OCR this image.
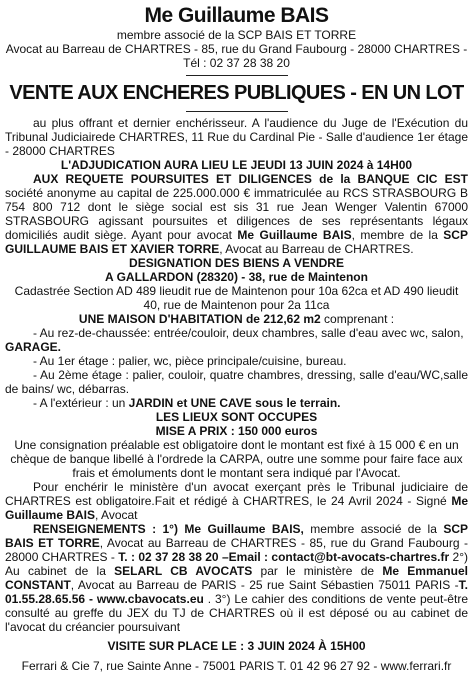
Me Guillaume BAIS
membre associé de la SCP BAIS ET TORRE
Avocat au Barreau de CHARTRES - 85, rue du Grand Faubourg - 28000 CHARTRES -
Tél : 02 37 28 38 20
VENTE AUX ENCHERES PUBLIQUES - EN UN LOT

au plus offrant et dernier enchérisseur. A l'audience du Juge de l'Exécution du Tribunal Judiciairede CHARTRES, 11 Rue du Cardinal Pie - Salle d'audience 1er étage - 28000 CHARTRES

L'ADJUDICATION AURA LIEU LE JEUDI 13 JUIN 2024 à 14H00

AUX REQUETE POURSUITES ET DILIGENCES de la BANQUE CIC EST société anonyme au capital de 225.000.000 € immatriculée au RCS STRASBOURG B 754 800 712 dont le siège social est sis 31 rue Jean Wenger Valentin 67000 STRASBOURG agissant poursuites et diligences de ses représentants légaux domiciliés audit siège. Ayant pour avocat Me Guillaume BAIS, membre de la SCP GUILLAUME BAIS ET XAVIER TORRE, Avocat au Barreau de CHARTRES.

DESIGNATION DES BIENS A VENDRE

A GALLARDON (28320) - 38, rue de Maintenon

Cadastrée Section AD 489 lieudit rue de Maintenon pour 10a 62ca et AD 490 lieudit 40, rue de Maintenon pour 2a 11ca

UNE MAISON D'HABITATION de 212,62 m2 comprenant :

- Au rez-de-chaussée: entrée/couloir, deux chambres, salle d'eau avec wc, salon,

GARAGE.

- Au 1er étage : palier, wc, pièce principale/cuisine, bureau.

- Au 2ème étage : palier, couloir, quatre chambres, dressing, salle d'eau/WC,salle de bains/ wc, débarras.

- A l'extérieur : un JARDIN et UNE CAVE sous le terrain.

LES LIEUX SONT OCCUPES

MISE A PRIX : 150 000 euros

Une consignation préalable est obligatoire dont le montant est fixé à 15 000 € en un chèque de banque libellé à l'ordrede la CARPA, outre une somme pour faire face aux frais et émoluments dont le montant sera indiqué par l'Avocat.

Pour enchérir le ministère d'un avocat exerçant près le Tribunal judiciaire de CHARTRES est obligatoire.Fait et rédigé à CHARTRES, le 24 Avril 2024 - Signé Me Guillaume BAIS, Avocat

RENSEIGNEMENTS : 1°) Me Guillaume BAIS, membre associé de la SCP BAIS ET TORRE, Avocat au Barreau de CHARTRES - 85, rue du Grand Faubourg - 28000 CHARTRES - T. : 02 37 28 38 20 –Email : contact@bt-avocats-chartres.fr 2°) Au cabinet de la SELARL CB AVOCATS par le ministère de Me Emmanuel CONSTANT, Avocat au Barreau de PARIS - 25 rue Saint Sébastien 75011 PARIS -T. 01.55.28.65.56 - www.cbavocats.eu . 3°) Le cahier des conditions de vente peut-être consulté au greffe du JEX du TJ de CHARTRES où il est déposé ou au cabinet de l'avocat du créancier poursuivant

VISITE SUR PLACE LE : 3 JUIN 2024 À 15H00

Ferrari & Cie 7, rue Sainte Anne - 75001 PARIS T. 01 42 96 27 92 - www.ferrari.fr
